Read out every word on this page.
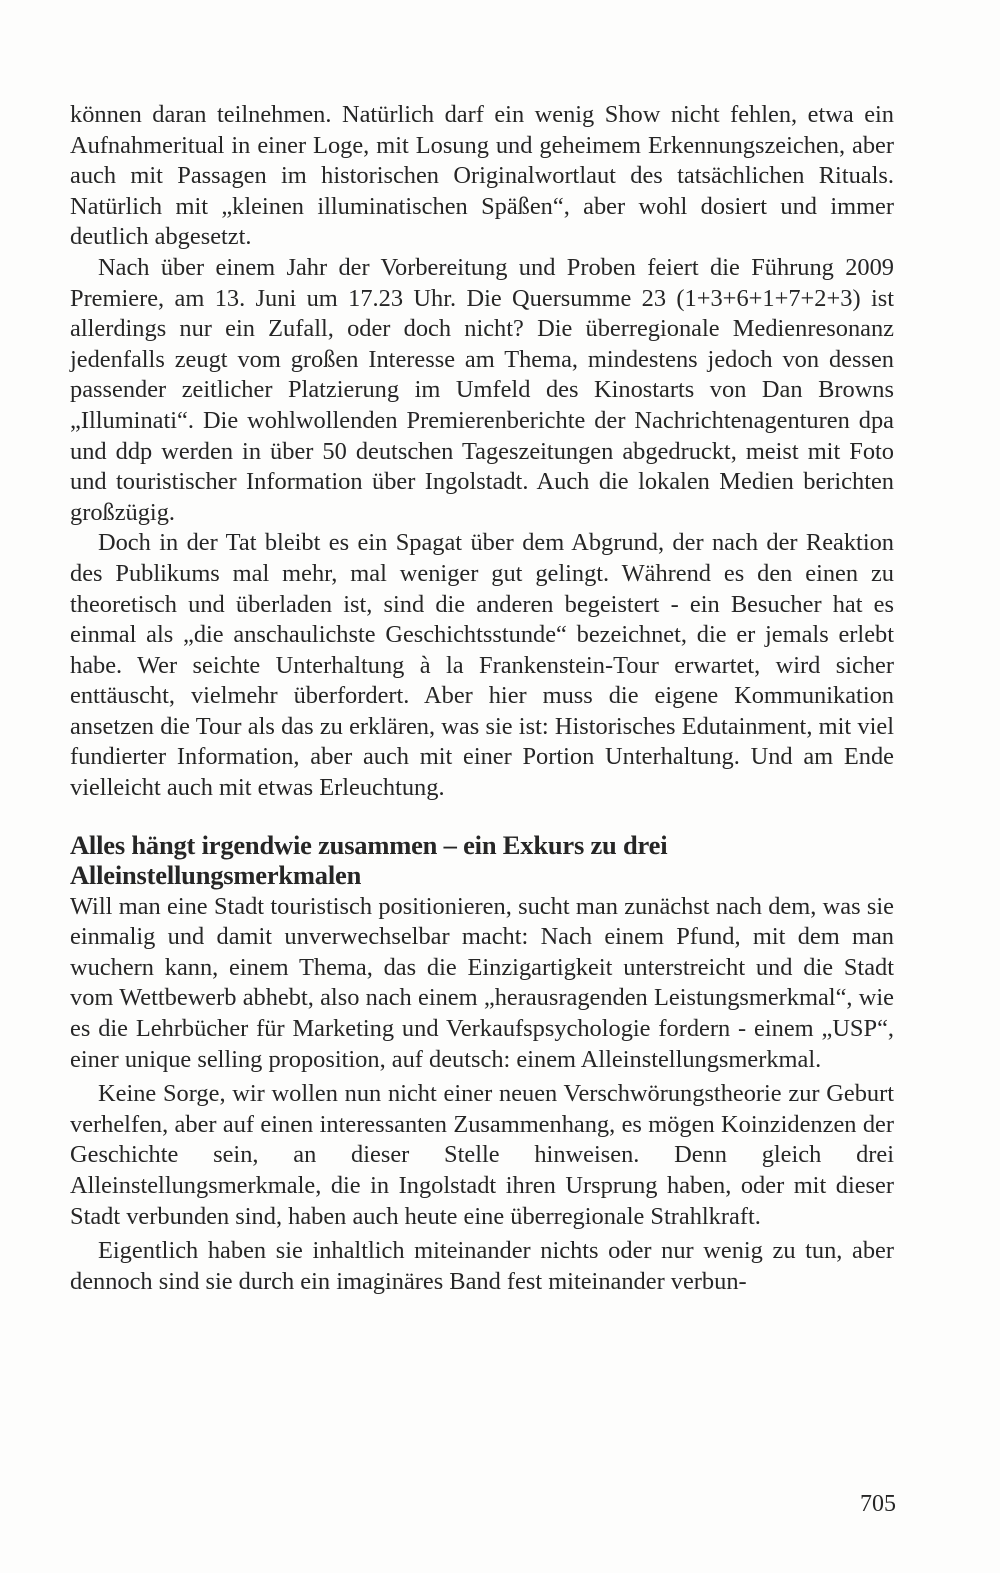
können daran teilnehmen. Natürlich darf ein wenig Show nicht fehlen, etwa ein Aufnahmeritual in einer Loge, mit Losung und geheimem Erkennungszeichen, aber auch mit Passagen im historischen Originalwortlaut des tatsächlichen Rituals. Natürlich mit „kleinen illuminatischen Späßen“, aber wohl dosiert und immer deutlich abgesetzt.

Nach über einem Jahr der Vorbereitung und Proben feiert die Führung 2009 Premiere, am 13. Juni um 17.23 Uhr. Die Quersumme 23 (1+3+6+1+7+2+3) ist allerdings nur ein Zufall, oder doch nicht? Die überregionale Medienresonanz jedenfalls zeugt vom großen Interesse am Thema, mindestens jedoch von dessen passender zeitlicher Platzierung im Umfeld des Kinostarts von Dan Browns „Illuminati“. Die wohlwollenden Premierenberichte der Nachrichtenagenturen dpa und ddp werden in über 50 deutschen Tageszeitungen abgedruckt, meist mit Foto und touristischer Information über Ingolstadt. Auch die lokalen Medien berichten großzügig.

Doch in der Tat bleibt es ein Spagat über dem Abgrund, der nach der Reaktion des Publikums mal mehr, mal weniger gut gelingt. Während es den einen zu theoretisch und überladen ist, sind die anderen begeistert - ein Besucher hat es einmal als „die anschaulichste Geschichtsstunde“ bezeichnet, die er jemals erlebt habe. Wer seichte Unterhaltung à la Frankenstein-Tour erwartet, wird sicher enttäuscht, vielmehr überfordert. Aber hier muss die eigene Kommunikation ansetzen die Tour als das zu erklären, was sie ist: Historisches Edutainment, mit viel fundierter Information, aber auch mit einer Portion Unterhaltung. Und am Ende vielleicht auch mit etwas Erleuchtung.

Alles hängt irgendwie zusammen – ein Exkurs zu drei Alleinstellungsmerkmalen

Will man eine Stadt touristisch positionieren, sucht man zunächst nach dem, was sie einmalig und damit unverwechselbar macht: Nach einem Pfund, mit dem man wuchern kann, einem Thema, das die Einzigartigkeit unterstreicht und die Stadt vom Wettbewerb abhebt, also nach einem „herausragenden Leistungsmerkmal“, wie es die Lehrbücher für Marketing und Verkaufspsychologie fordern - einem „USP“, einer unique selling proposition, auf deutsch: einem Alleinstellungsmerkmal.

Keine Sorge, wir wollen nun nicht einer neuen Verschwörungstheorie zur Geburt verhelfen, aber auf einen interessanten Zusammenhang, es mögen Koinzidenzen der Geschichte sein, an dieser Stelle hinweisen. Denn gleich drei Alleinstellungsmerkmale, die in Ingolstadt ihren Ursprung haben, oder mit dieser Stadt verbunden sind, haben auch heute eine überregionale Strahlkraft.

Eigentlich haben sie inhaltlich miteinander nichts oder nur wenig zu tun, aber dennoch sind sie durch ein imaginäres Band fest miteinander verbun-

705
